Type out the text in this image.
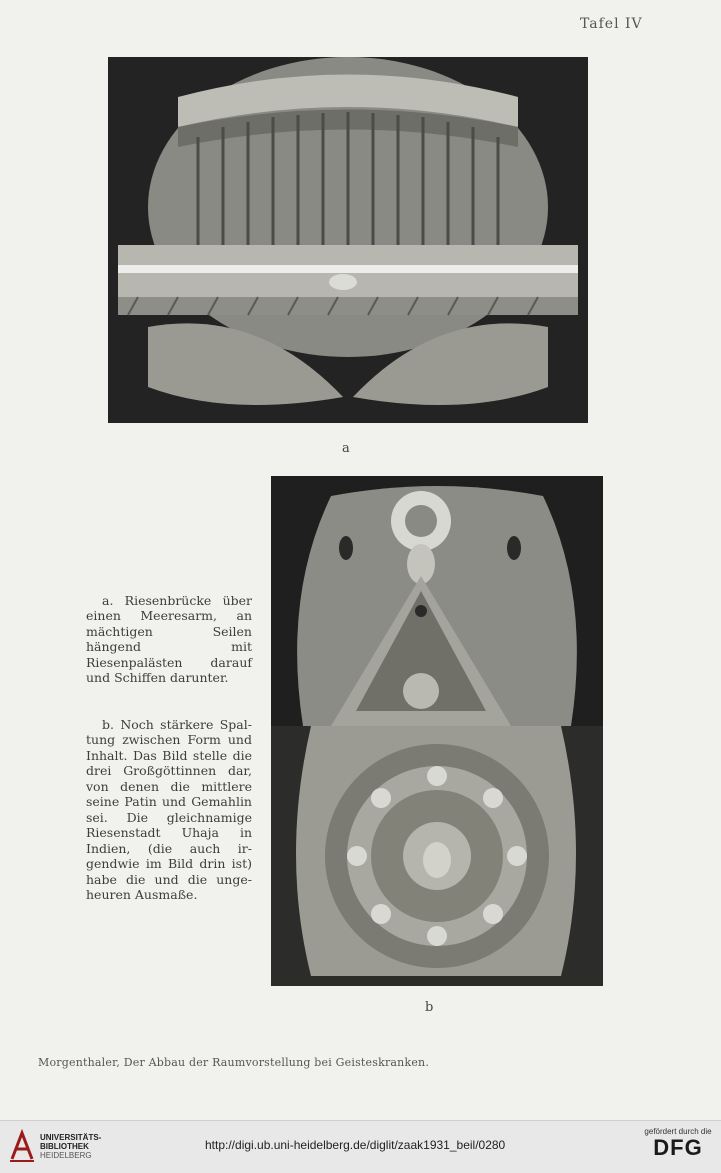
Tafel IV
a
b

a. Riesenbrücke über einen Meeresarm, an mächtigen Seilen hängend mit Riesenpalästen darauf und Schiffen darunter.

b. Noch stärkere Spaltung zwischen Form und Inhalt. Das Bild stelle die drei Großgöttinnen dar, von denen die mittlere seine Patin und Gemahlin sei. Die gleichnamige Riesenstadt Uhaja in Indien, (die auch irgendwie im Bild drin ist) habe die und die ungeheuren Ausmaße.

Morgenthaler, Der Abbau der Raumvorstellung bei Geisteskranken.
UNIVERSITÄTS-
BIBLIOTHEK
HEIDELBERG
http://digi.ub.uni-heidelberg.de/diglit/zaak1931_beil/0280
gefördert durch die
DFG
